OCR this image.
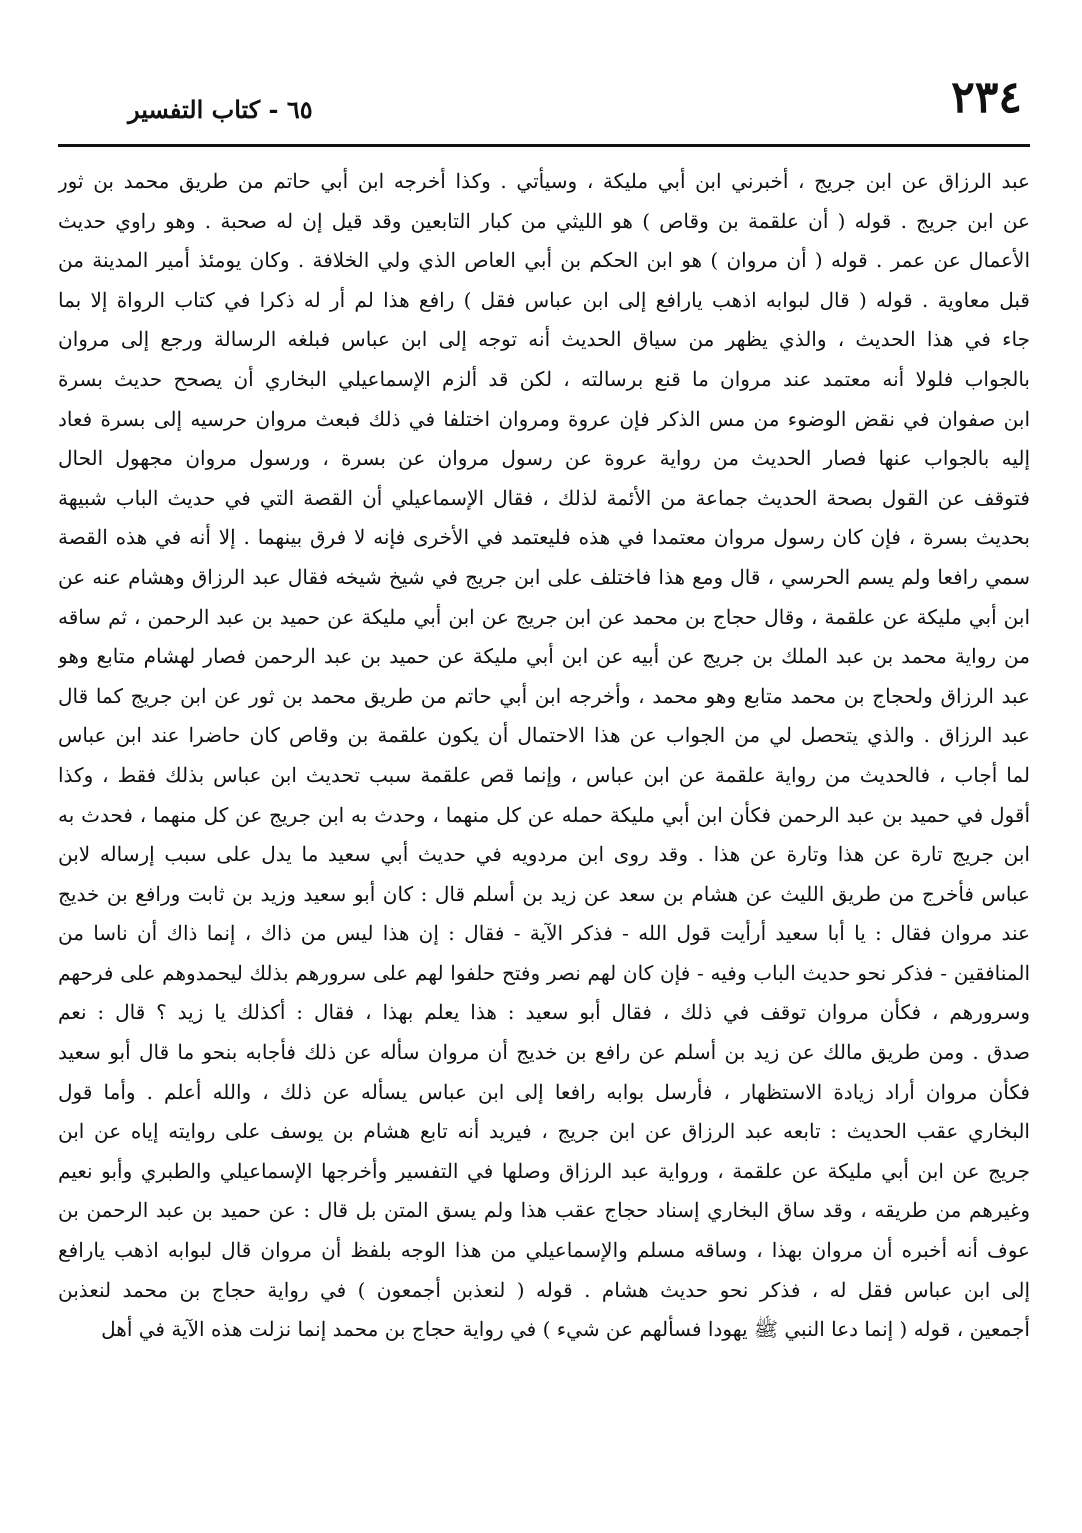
٢٣٤
٦٥ - كتاب التفسير
عبد الرزاق عن ابن جريج ، أخبرني ابن أبي مليكة ، وسيأتي . وكذا أخرجه ابن أبي حاتم من طريق محمد بن ثور
عن ابن جريج . قوله ( أن علقمة بن وقاص ) هو الليثي من كبار التابعين وقد قيل إن له صحبة . وهو راوي حديث
الأعمال عن عمر . قوله ( أن مروان ) هو ابن الحكم بن أبي العاص الذي ولي الخلافة . وكان يومئذ أمير المدينة من
قبل معاوية . قوله ( قال لبوابه اذهب يارافع إلى ابن عباس فقل ) رافع هذا لم أر له ذكرا في كتاب الرواة إلا بما
جاء في هذا الحديث ، والذي يظهر من سياق الحديث أنه توجه إلى ابن عباس فبلغه الرسالة ورجع إلى مروان
بالجواب فلولا أنه معتمد عند مروان ما قنع برسالته ، لكن قد ألزم الإسماعيلي البخاري أن يصحح حديث بسرة
ابن صفوان في نقض الوضوء من مس الذكر فإن عروة ومروان اختلفا في ذلك فبعث مروان حرسيه إلى بسرة فعاد
إليه بالجواب عنها فصار الحديث من رواية عروة عن رسول مروان عن بسرة ، ورسول مروان مجهول الحال
فتوقف عن القول بصحة الحديث جماعة من الأئمة لذلك ، فقال الإسماعيلي أن القصة التي في حديث الباب شبيهة
بحديث بسرة ، فإن كان رسول مروان معتمدا في هذه فليعتمد في الأخرى فإنه لا فرق بينهما . إلا أنه في هذه القصة
سمي رافعا ولم يسم الحرسي ، قال ومع هذا فاختلف على ابن جريج في شيخ شيخه فقال عبد الرزاق وهشام عنه عن
ابن أبي مليكة عن علقمة ، وقال حجاج بن محمد عن ابن جريج عن ابن أبي مليكة عن حميد بن عبد الرحمن ، ثم ساقه
من رواية محمد بن عبد الملك بن جريج عن أبيه عن ابن أبي مليكة عن حميد بن عبد الرحمن فصار لهشام متابع وهو
عبد الرزاق ولحجاج بن محمد متابع وهو محمد ، وأخرجه ابن أبي حاتم من طريق محمد بن ثور عن ابن جريج كما قال
عبد الرزاق . والذي يتحصل لي من الجواب عن هذا الاحتمال أن يكون علقمة بن وقاص كان حاضرا عند ابن عباس
لما أجاب ، فالحديث من رواية علقمة عن ابن عباس ، وإنما قص علقمة سبب تحديث ابن عباس بذلك فقط ، وكذا
أقول في حميد بن عبد الرحمن فكأن ابن أبي مليكة حمله عن كل منهما ، وحدث به ابن جريج عن كل منهما ، فحدث به
ابن جريج تارة عن هذا وتارة عن هذا . وقد روى ابن مردويه في حديث أبي سعيد ما يدل على سبب إرساله لابن
عباس فأخرج من طريق الليث عن هشام بن سعد عن زيد بن أسلم قال : كان أبو سعيد وزيد بن ثابت ورافع بن خديج
عند مروان فقال : يا أبا سعيد أرأيت قول الله - فذكر الآية - فقال : إن هذا ليس من ذاك ، إنما ذاك أن ناسا من
المنافقين - فذكر نحو حديث الباب وفيه - فإن كان لهم نصر وفتح حلفوا لهم على سرورهم بذلك ليحمدوهم على فرحهم
وسرورهم ، فكأن مروان توقف في ذلك ، فقال أبو سعيد : هذا يعلم بهذا ، فقال : أكذلك يا زيد ؟ قال : نعم
صدق . ومن طريق مالك عن زيد بن أسلم عن رافع بن خديج أن مروان سأله عن ذلك فأجابه بنحو ما قال أبو سعيد
فكأن مروان أراد زيادة الاستظهار ، فأرسل بوابه رافعا إلى ابن عباس يسأله عن ذلك ، والله أعلم . وأما قول
البخاري عقب الحديث : تابعه عبد الرزاق عن ابن جريج ، فيريد أنه تابع هشام بن يوسف على روايته إياه عن ابن
جريج عن ابن أبي مليكة عن علقمة ، ورواية عبد الرزاق وصلها في التفسير وأخرجها الإسماعيلي والطبري وأبو نعيم
وغيرهم من طريقه ، وقد ساق البخاري إسناد حجاج عقب هذا ولم يسق المتن بل قال : عن حميد بن عبد الرحمن بن
عوف أنه أخبره أن مروان بهذا ، وساقه مسلم والإسماعيلي من هذا الوجه بلفظ أن مروان قال لبوابه اذهب يارافع
إلى ابن عباس فقل له ، فذكر نحو حديث هشام . قوله ( لنعذبن أجمعون ) في رواية حجاج بن محمد لنعذبن
أجمعين ، قوله ( إنما دعا النبي ﷺ يهودا فسألهم عن شيء ) في رواية حجاج بن محمد إنما نزلت هذه الآية في أهل
